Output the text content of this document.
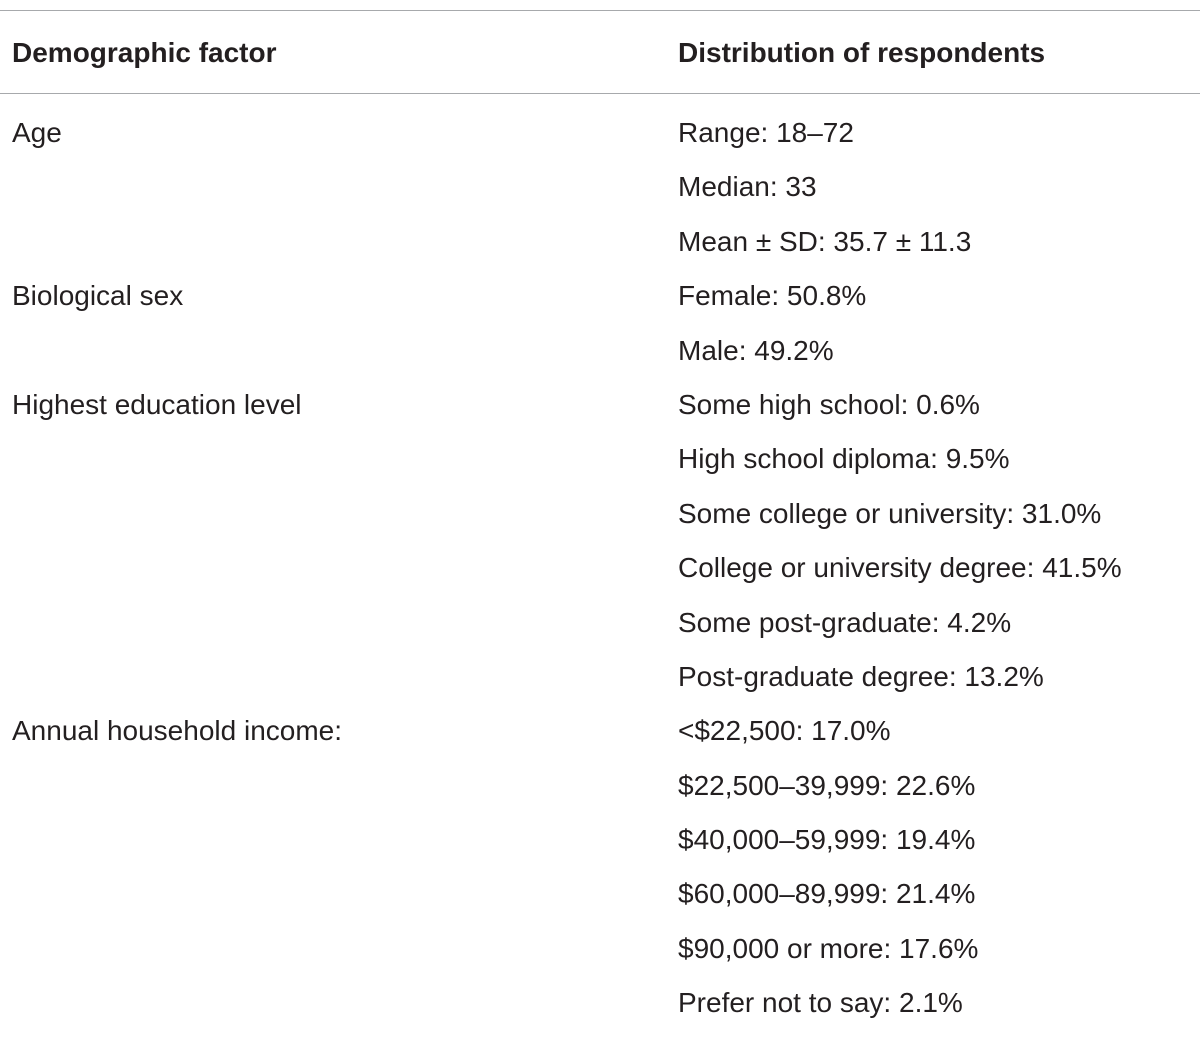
Demographic factor	Distribution of respondents
Age	Range: 18–72
Median: 33
Mean ± SD: 35.7 ± 11.3
Biological sex	Female: 50.8%
Male: 49.2%
Highest education level	Some high school: 0.6%
High school diploma: 9.5%
Some college or university: 31.0%
College or university degree: 41.5%
Some post-graduate: 4.2%
Post-graduate degree: 13.2%
Annual household income:	<$22,500: 17.0%
$22,500–39,999: 22.6%
$40,000–59,999: 19.4%
$60,000–89,999: 21.4%
$90,000 or more: 17.6%
Prefer not to say: 2.1%
